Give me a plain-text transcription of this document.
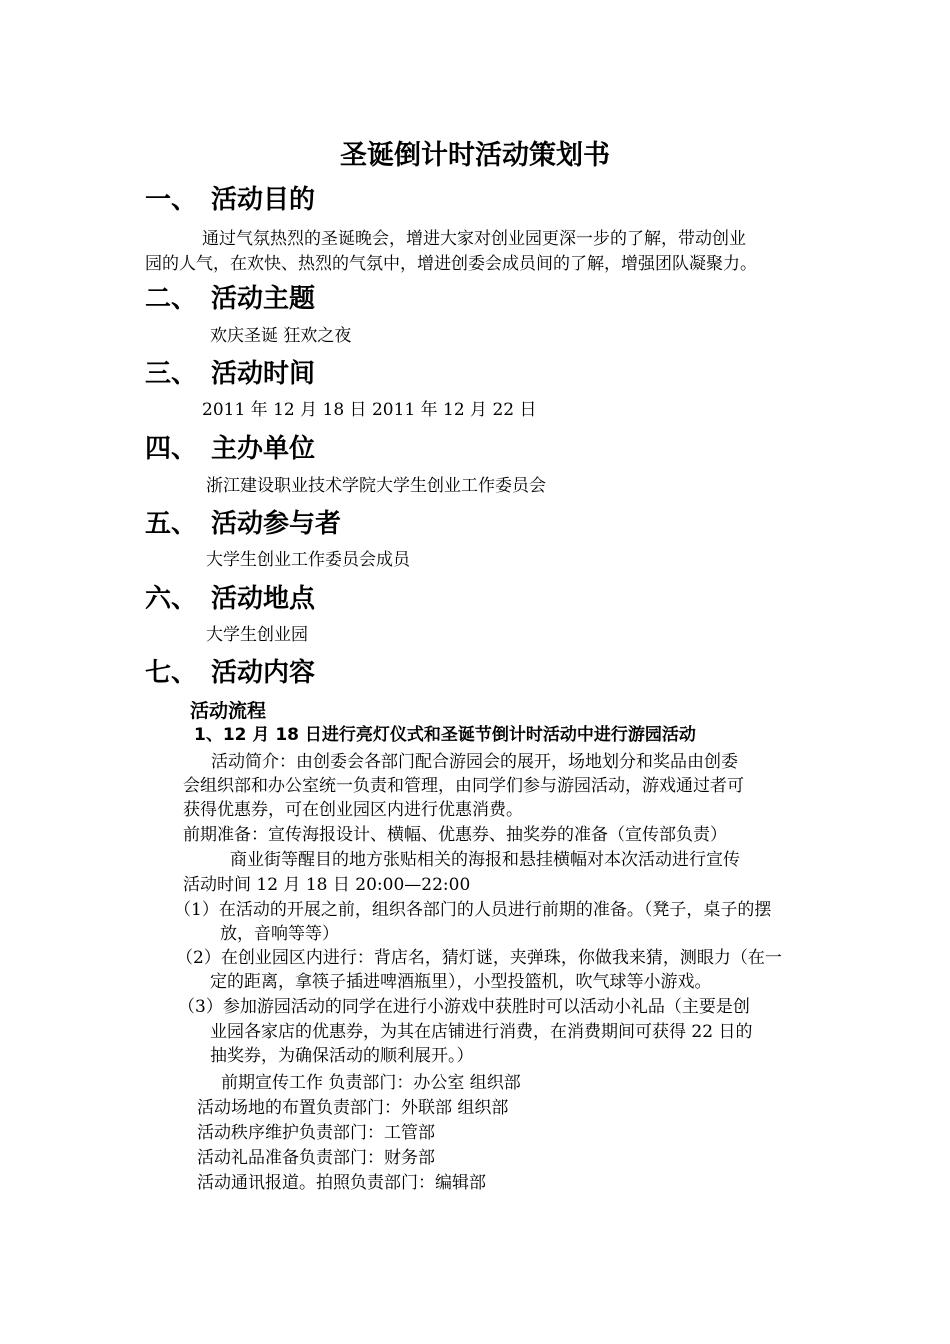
圣诞倒计时活动策划书
一、 活动目的
通过气氛热烈的圣诞晚会，增进大家对创业园更深一步的了解，带动创业
园的人气，在欢快、热烈的气氛中，增进创委会成员间的了解，增强团队凝聚力。
二、 活动主题
欢庆圣诞 狂欢之夜
三、 活动时间
2011 年 12 月 18 日 2011 年 12 月 22 日
四、 主办单位
浙江建设职业技术学院大学生创业工作委员会
五、 活动参与者
大学生创业工作委员会成员
六、 活动地点
大学生创业园
七、 活动内容
活动流程
1、12 月 18 日进行亮灯仪式和圣诞节倒计时活动中进行游园活动
活动简介：由创委会各部门配合游园会的展开，场地划分和奖品由创委
会组织部和办公室统一负责和管理，由同学们参与游园活动，游戏通过者可
获得优惠券，可在创业园区内进行优惠消费。
前期准备：宣传海报设计、横幅、优惠券、抽奖券的准备（宣传部负责）
商业街等醒目的地方张贴相关的海报和悬挂横幅对本次活动进行宣传
活动时间 12 月 18 日 20:00—22:00
（1）在活动的开展之前，组织各部门的人员进行前期的准备。（凳子，桌子的摆
放，音响等等）
（2）在创业园区内进行：背店名，猜灯谜，夹弹珠，你做我来猜，测眼力（在一
定的距离，拿筷子插进啤酒瓶里），小型投篮机，吹气球等小游戏。
（3）参加游园活动的同学在进行小游戏中获胜时可以活动小礼品（主要是创
业园各家店的优惠券，为其在店铺进行消费，在消费期间可获得 22 日的
抽奖券，为确保活动的顺利展开。）
前期宣传工作 负责部门：办公室 组织部
活动场地的布置负责部门：外联部 组织部
活动秩序维护负责部门：工管部
活动礼品准备负责部门：财务部
活动通讯报道。拍照负责部门：编辑部
